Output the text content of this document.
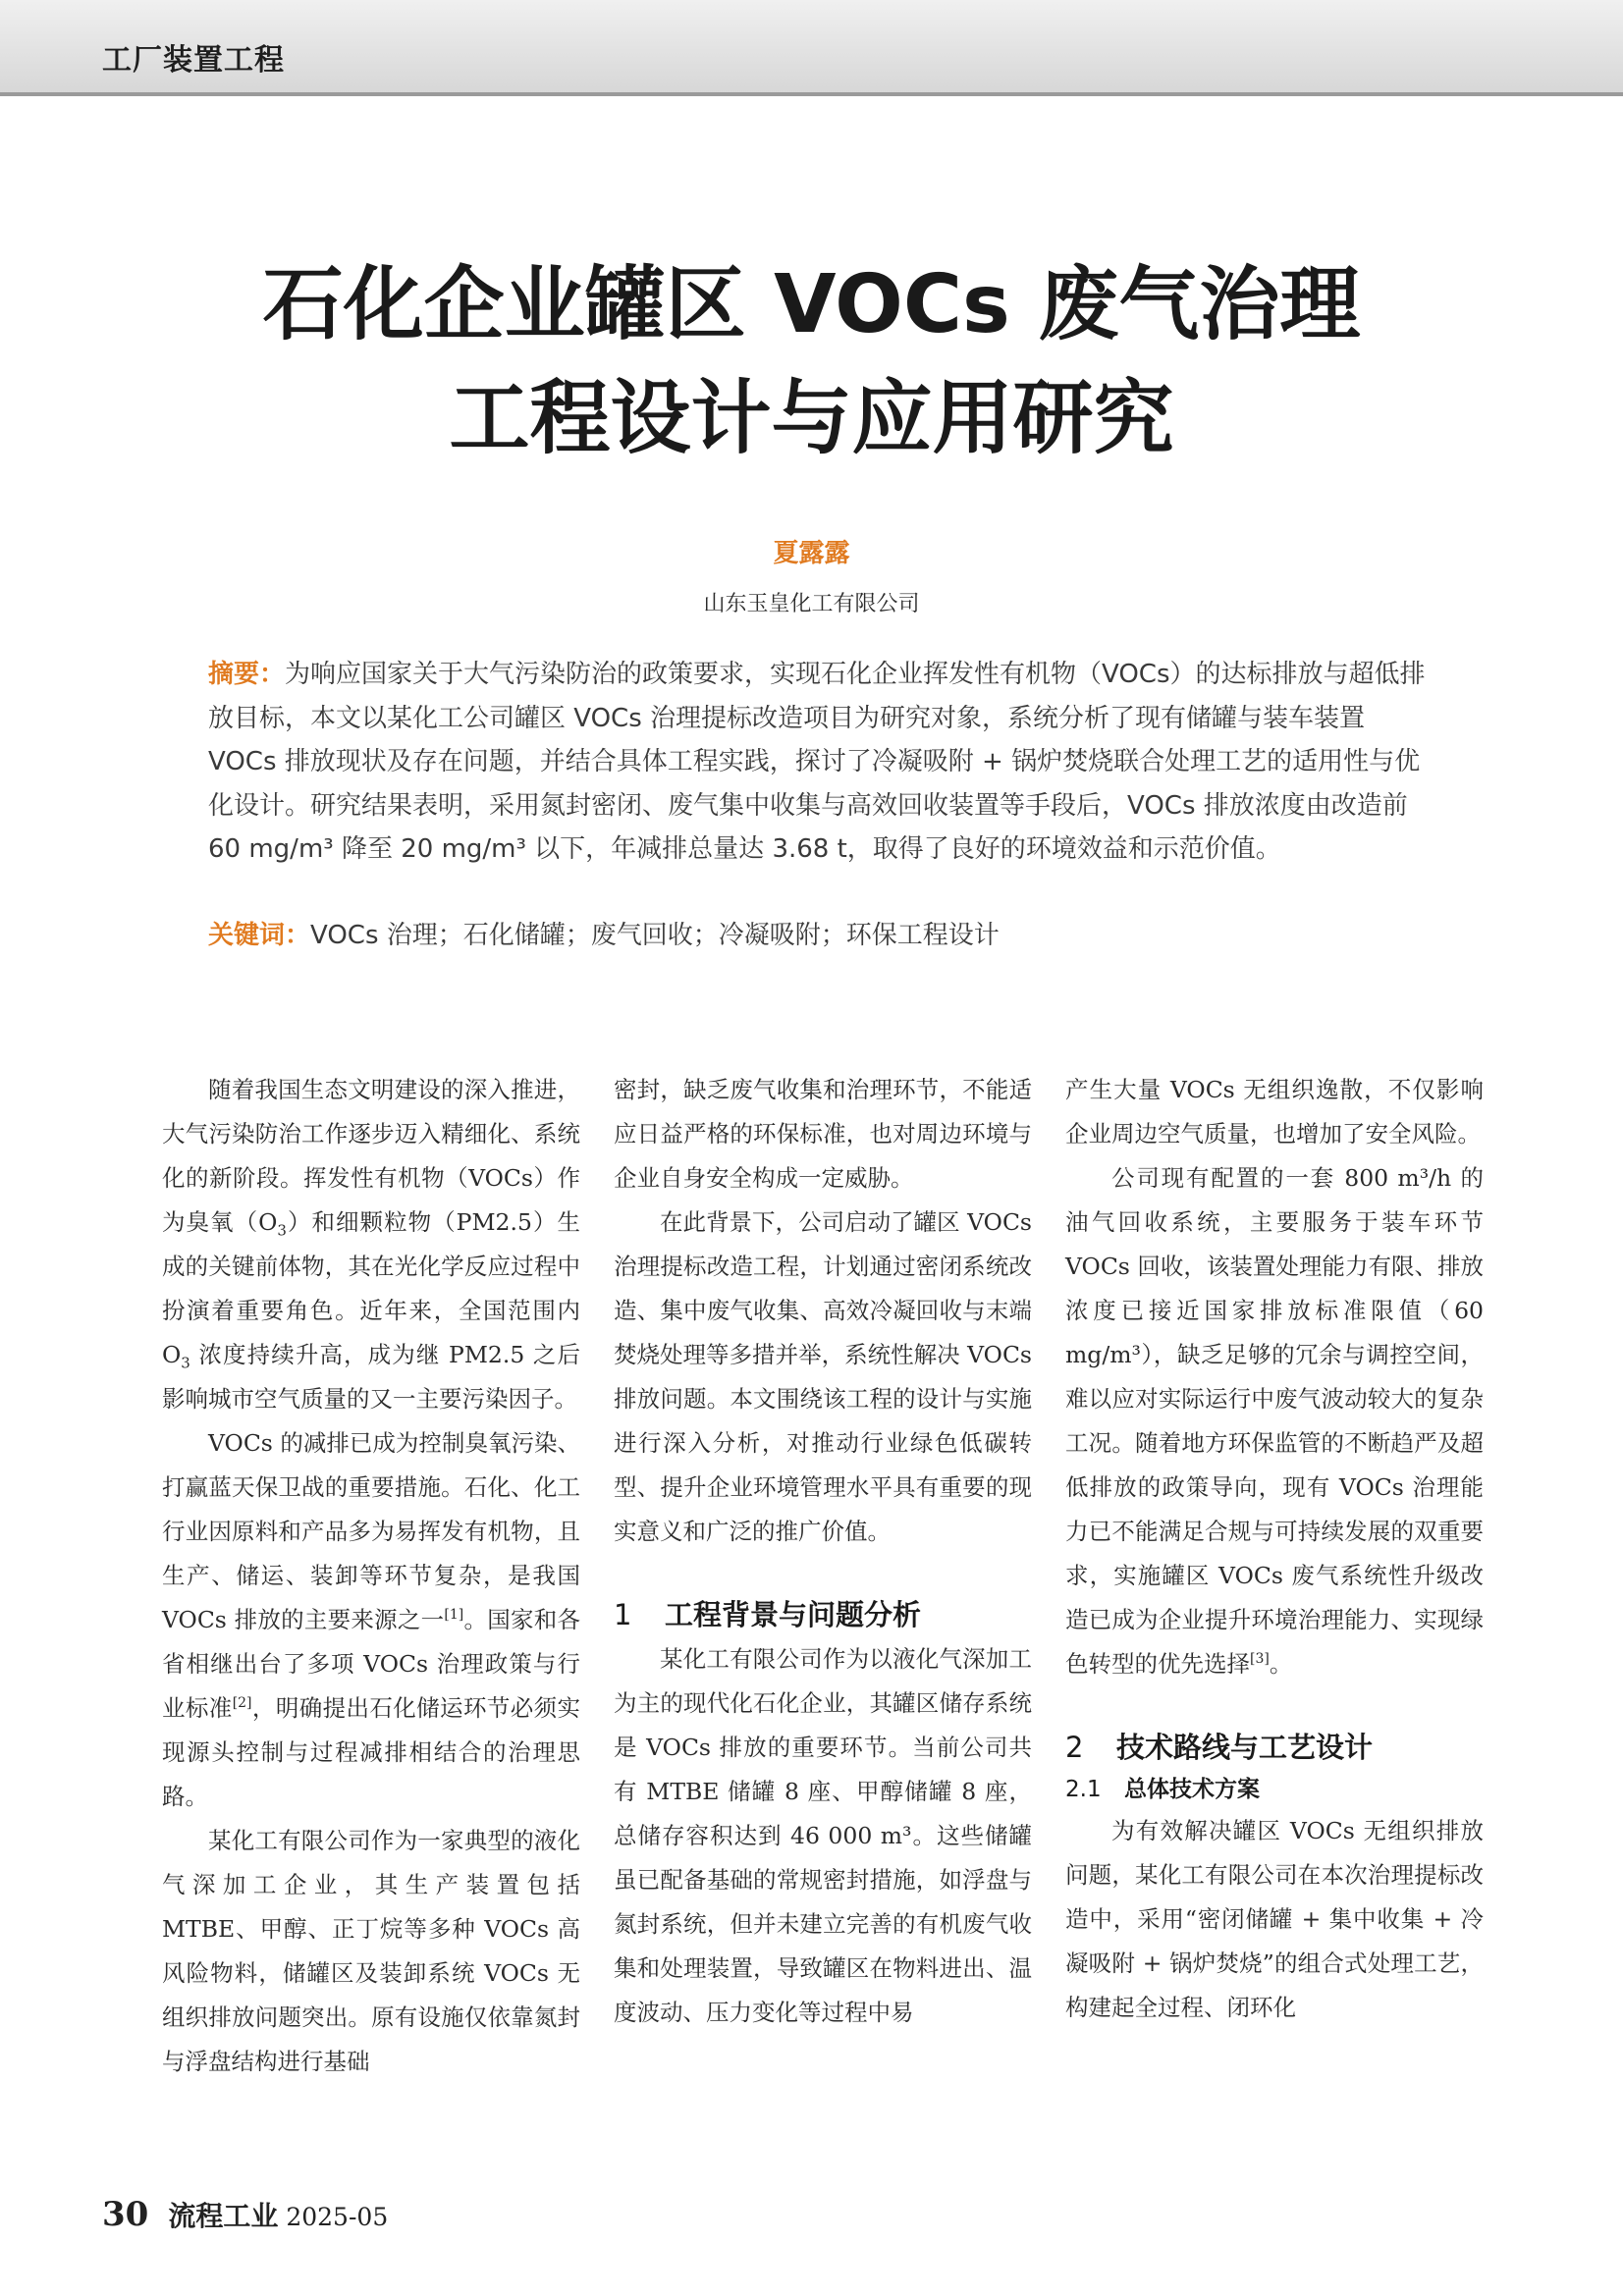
工厂装置工程
石化企业罐区 VOCs 废气治理
工程设计与应用研究
夏露露
山东玉皇化工有限公司
摘要：为响应国家关于大气污染防治的政策要求，实现石化企业挥发性有机物（VOCs）的达标排放与超低排放目标，本文以某化工公司罐区 VOCs 治理提标改造项目为研究对象，系统分析了现有储罐与装车装置 VOCs 排放现状及存在问题，并结合具体工程实践，探讨了冷凝吸附 + 锅炉焚烧联合处理工艺的适用性与优化设计。研究结果表明，采用氮封密闭、废气集中收集与高效回收装置等手段后，VOCs 排放浓度由改造前 60 mg/m³ 降至 20 mg/m³ 以下，年减排总量达 3.68 t，取得了良好的环境效益和示范价值。
关键词：VOCs 治理；石化储罐；废气回收；冷凝吸附；环保工程设计

随着我国生态文明建设的深入推进，大气污染防治工作逐步迈入精细化、系统化的新阶段。挥发性有机物（VOCs）作为臭氧$(O_3)$和细颗粒物（PM2.5）生成的关键前体物，其在光化学反应过程中扮演着重要角色。近年来，全国范围内 $O_3$ 浓度持续升高，成为继 PM2.5 之后影响城市空气质量的又一主要污染因子。

VOCs 的减排已成为控制臭氧污染、打赢蓝天保卫战的重要措施。石化、化工行业因原料和产品多为易挥发有机物，且生产、储运、装卸等环节复杂，是我国 VOCs 排放的主要来源之一[1]。国家和各省相继出台了多项 VOCs 治理政策与行业标准[2]，明确提出石化储运环节必须实现源头控制与过程减排相结合的治理思路。

某化工有限公司作为一家典型的液化气深加工企业，其生产装置包括 MTBE、甲醇、正丁烷等多种 VOCs 高风险物料，储罐区及装卸系统 VOCs 无组织排放问题突出。原有设施仅依靠氮封与浮盘结构进行基础

密封，缺乏废气收集和治理环节，不能适应日益严格的环保标准，也对周边环境与企业自身安全构成一定威胁。

在此背景下，公司启动了罐区 VOCs 治理提标改造工程，计划通过密闭系统改造、集中废气收集、高效冷凝回收与末端焚烧处理等多措并举，系统性解决 VOCs 排放问题。本文围绕该工程的设计与实施进行深入分析，对推动行业绿色低碳转型、提升企业环境管理水平具有重要的现实意义和广泛的推广价值。

1 工程背景与问题分析

某化工有限公司作为以液化气深加工为主的现代化石化企业，其罐区储存系统是 VOCs 排放的重要环节。当前公司共有 MTBE 储罐 8 座、甲醇储罐 8 座，总储存容积达到 46 000 m³。这些储罐虽已配备基础的常规密封措施，如浮盘与氮封系统，但并未建立完善的有机废气收集和处理装置，导致罐区在物料进出、温度波动、压力变化等过程中易

产生大量 VOCs 无组织逸散，不仅影响企业周边空气质量，也增加了安全风险。

公司现有配置的一套 800 m³/h 的油气回收系统，主要服务于装车环节 VOCs 回收，该装置处理能力有限、排放浓度已接近国家排放标准限值（60 mg/m³），缺乏足够的冗余与调控空间，难以应对实际运行中废气波动较大的复杂工况。随着地方环保监管的不断趋严及超低排放的政策导向，现有 VOCs 治理能力已不能满足合规与可持续发展的双重要求，实施罐区 VOCs 废气系统性升级改造已成为企业提升环境治理能力、实现绿色转型的优先选择[3]。

2 技术路线与工艺设计
2.1 总体技术方案

为有效解决罐区 VOCs 无组织排放问题，某化工有限公司在本次治理提标改造中，采用“密闭储罐 + 集中收集 + 冷凝吸附 + 锅炉焚烧”的组合式处理工艺，构建起全过程、闭环化

30 流程工业 2025-05
